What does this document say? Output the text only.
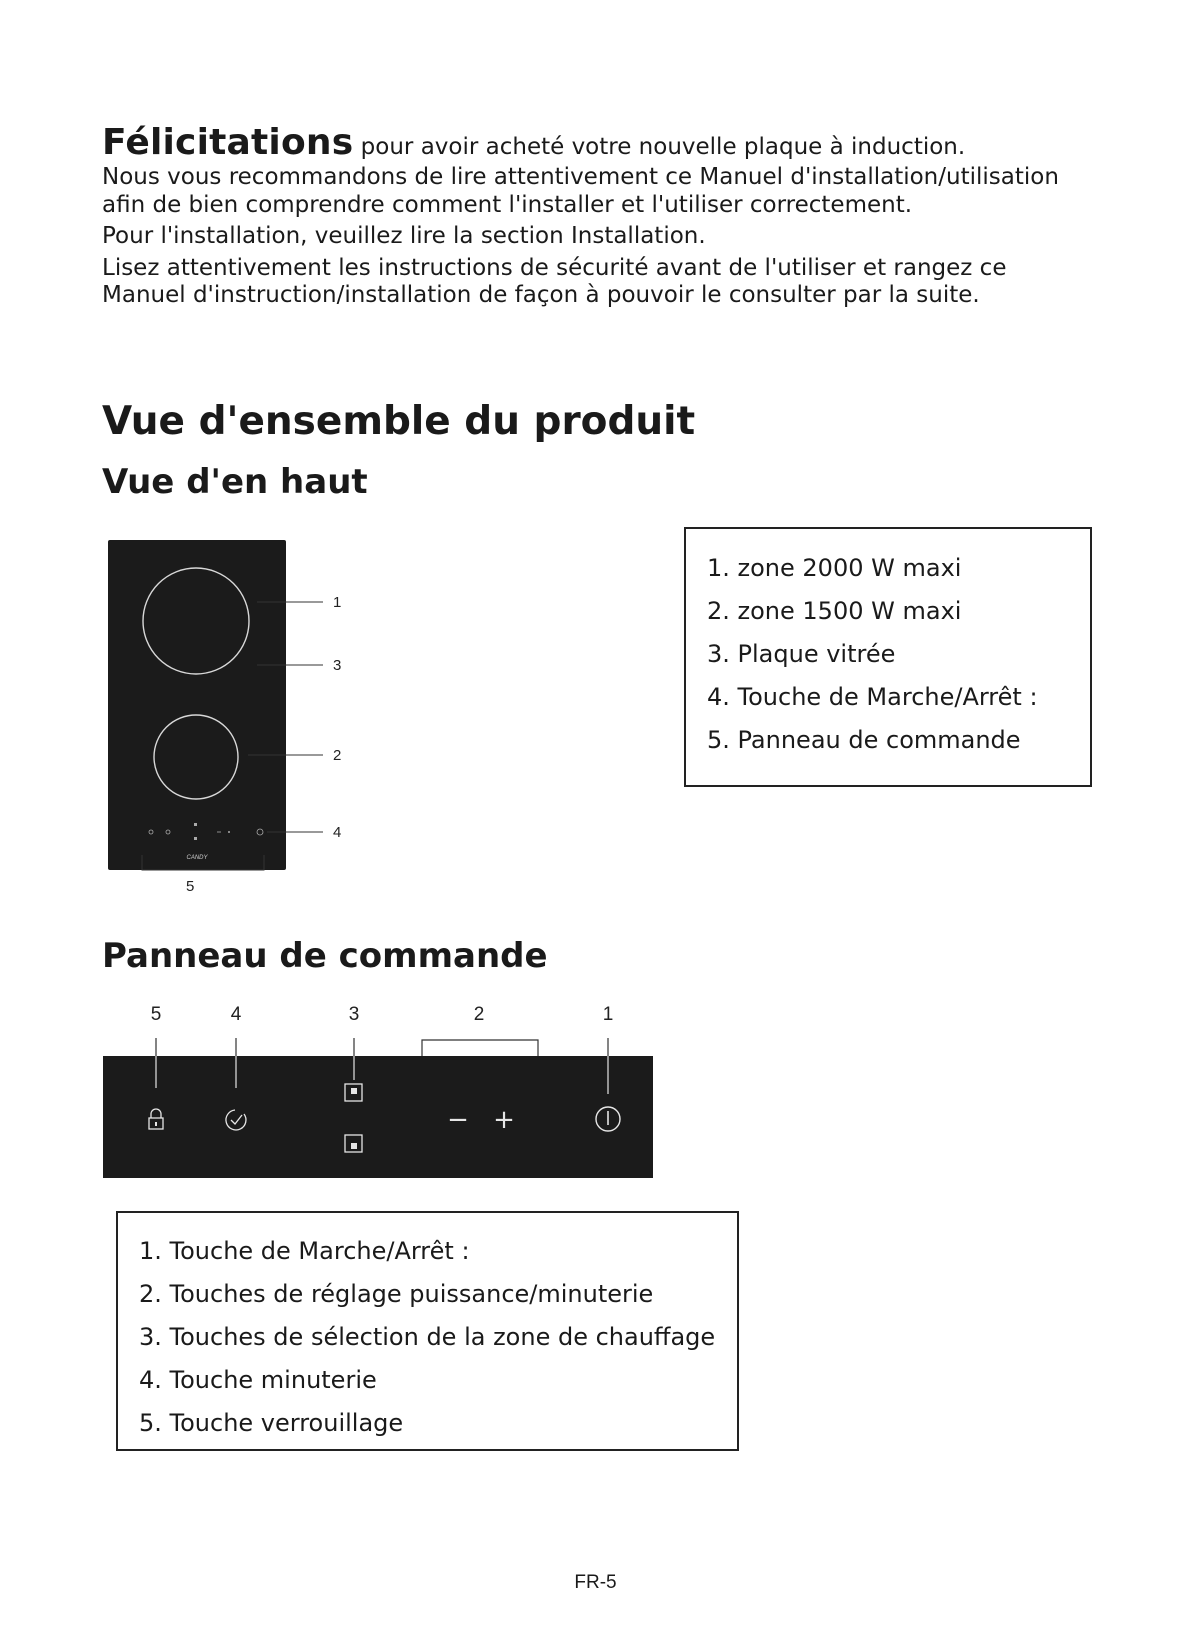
Félicitations pour avoir acheté votre nouvelle plaque à induction.

Nous vous recommandons de lire attentivement ce Manuel d'installation/utilisation afin de bien comprendre comment l'installer et l'utiliser correctement.

Pour l'installation, veuillez lire la section Installation.

Lisez attentivement les instructions de sécurité avant de l'utiliser et rangez ce Manuel d'instruction/installation de façon à pouvoir le consulter par la suite.

Vue d'ensemble du produit
Vue d'en haut
CANDY
1
3
2
4
5
1. zone 2000 W maxi
2. zone 1500 W maxi
3. Plaque vitrée
4. Touche de Marche/Arrêt :
5. Panneau de commande
Panneau de commande
5	4	3	2	1
− +
1. Touche de Marche/Arrêt :
2. Touches de réglage puissance/minuterie
3. Touches de sélection de la zone de chauffage
4. Touche minuterie
5. Touche verrouillage
FR-5
